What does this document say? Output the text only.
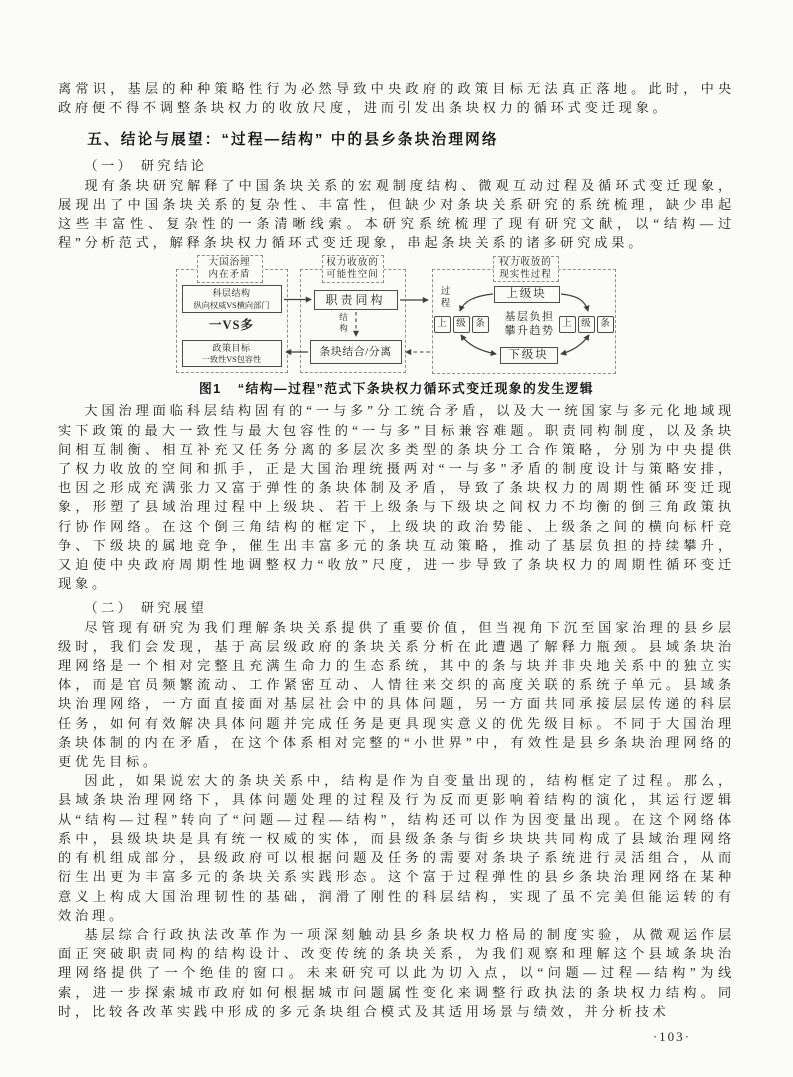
离常识，基层的种种策略性行为必然导致中央政府的政策目标无法真正落地。此时，中央政府便不得不调整条块权力的收放尺度，进而引发出条块权力的循环式变迁现象。

五、结论与展望：“过程—结构” 中的县乡条块治理网络

（一） 研究结论

现有条块研究解释了中国条块关系的宏观制度结构、微观互动过程及循环式变迁现象，展现出了中国条块关系的复杂性、丰富性，但缺少对条块关系研究的系统梳理，缺少串起这些丰富性、复杂性的一条清晰线索。本研究系统梳理了现有研究文献，以“结构—过程”分析范式，解释条块权力循环式变迁现象，串起条块关系的诸多研究成果。

大国治理
内在矛盾
科层结构
纵向权威VS横向部门
一VS多
政策目标
一致性VS包容性
权力收放的
可能性空间
职责同构
结
构
条块结合/分离
权力收放的
现实性过程
过
程
上级块
上 级 条
基层负担
攀升趋势
上 级 条
下级块
图1 “结构—过程”范式下条块权力循环式变迁现象的发生逻辑

大国治理面临科层结构固有的“一与多”分工统合矛盾，以及大一统国家与多元化地域现实下政策的最大一致性与最大包容性的“一与多”目标兼容难题。职责同构制度，以及条块间相互制衡、相互补充又任务分离的多层次多类型的条块分工合作策略，分别为中央提供了权力收放的空间和抓手，正是大国治理统摄两对“一与多”矛盾的制度设计与策略安排，也因之形成充满张力又富于弹性的条块体制及矛盾，导致了条块权力的周期性循环变迁现象，形塑了县域治理过程中上级块、若干上级条与下级块之间权力不均衡的倒三角政策执行协作网络。在这个倒三角结构的框定下，上级块的政治势能、上级条之间的横向标杆竞争、下级块的属地竞争，催生出丰富多元的条块互动策略，推动了基层负担的持续攀升，又迫使中央政府周期性地调整权力“收放”尺度，进一步导致了条块权力的周期性循环变迁现象。

（二） 研究展望

尽管现有研究为我们理解条块关系提供了重要价值，但当视角下沉至国家治理的县乡层级时，我们会发现，基于高层级政府的条块关系分析在此遭遇了解释力瓶颈。县域条块治理网络是一个相对完整且充满生命力的生态系统，其中的条与块并非央地关系中的独立实体，而是官员频繁流动、工作紧密互动、人情往来交织的高度关联的系统子单元。县域条块治理网络，一方面直接面对基层社会中的具体问题，另一方面共同承接层层传递的科层任务，如何有效解决具体问题并完成任务是更具现实意义的优先级目标。不同于大国治理条块体制的内在矛盾，在这个体系相对完整的“小世界”中，有效性是县乡条块治理网络的更优先目标。

因此，如果说宏大的条块关系中，结构是作为自变量出现的，结构框定了过程。那么，县域条块治理网络下，具体问题处理的过程及行为反而更影响着结构的演化，其运行逻辑从“结构—过程”转向了“问题—过程—结构”，结构还可以作为因变量出现。在这个网络体系中，县级块块是具有统一权威的实体，而县级条条与街乡块块共同构成了县域治理网络的有机组成部分，县级政府可以根据问题及任务的需要对条块子系统进行灵活组合，从而衍生出更为丰富多元的条块关系实践形态。这个富于过程弹性的县乡条块治理网络在某种意义上构成大国治理韧性的基础，润滑了刚性的科层结构，实现了虽不完美但能运转的有效治理。

基层综合行政执法改革作为一项深刻触动县乡条块权力格局的制度实验，从微观运作层面正突破职责同构的结构设计、改变传统的条块关系，为我们观察和理解这个县域条块治理网络提供了一个绝佳的窗口。未来研究可以此为切入点，以“问题—过程—结构”为线索，进一步探索城市政府如何根据城市问题属性变化来调整行政执法的条块权力结构。同时，比较各改革实践中形成的多元条块组合模式及其适用场景与绩效，并分析技术

·103·
